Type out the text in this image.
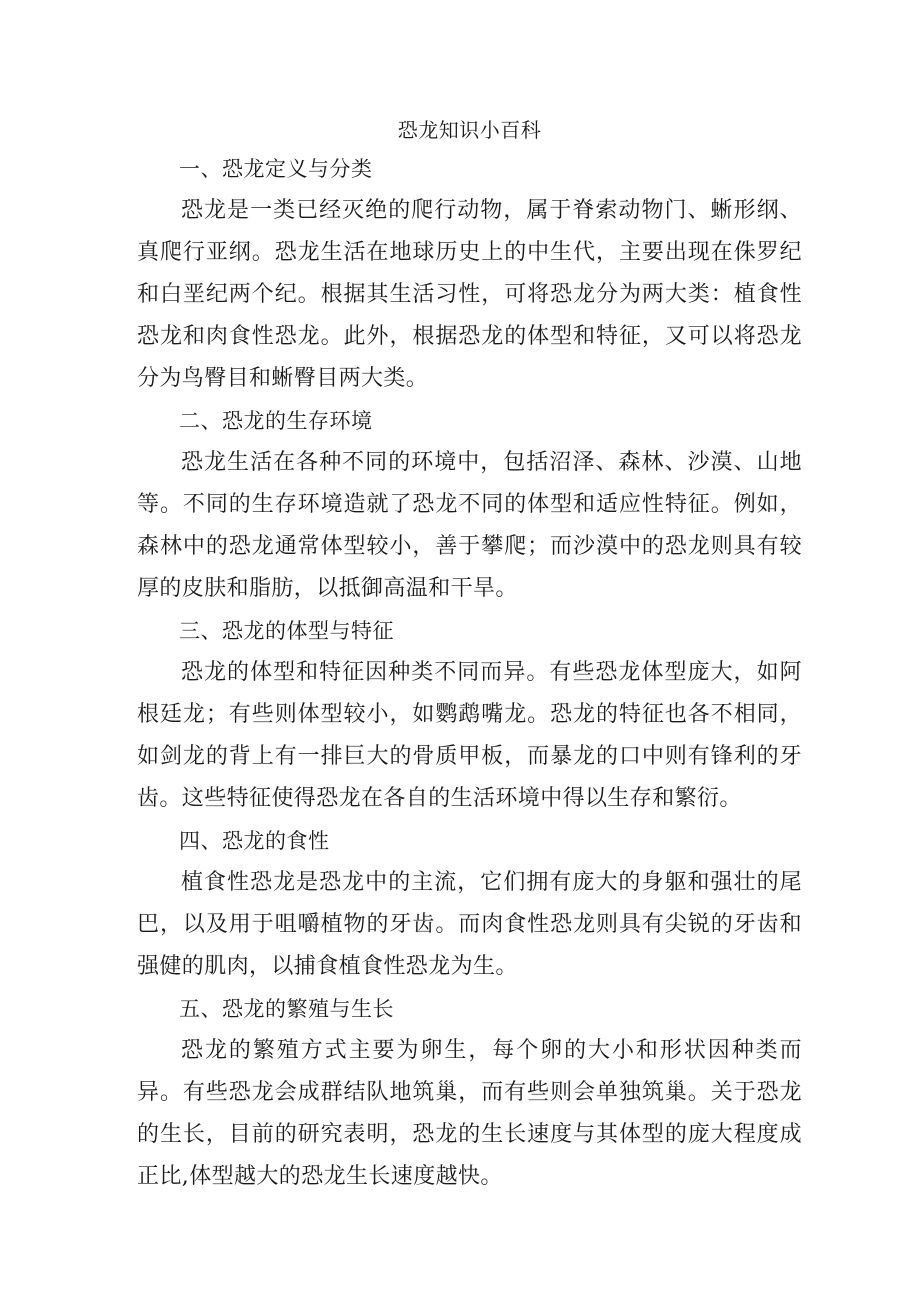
恐龙知识小百科
一、恐龙定义与分类

恐龙是一类已经灭绝的爬行动物，属于脊索动物门、蜥形纲、真爬行亚纲。恐龙生活在地球历史上的中生代，主要出现在侏罗纪和白垩纪两个纪。根据其生活习性，可将恐龙分为两大类：植食性恐龙和肉食性恐龙。此外，根据恐龙的体型和特征，又可以将恐龙分为鸟臀目和蜥臀目两大类。

二、恐龙的生存环境

恐龙生活在各种不同的环境中，包括沼泽、森林、沙漠、山地等。不同的生存环境造就了恐龙不同的体型和适应性特征。例如，森林中的恐龙通常体型较小，善于攀爬；而沙漠中的恐龙则具有较厚的皮肤和脂肪，以抵御高温和干旱。

三、恐龙的体型与特征

恐龙的体型和特征因种类不同而异。有些恐龙体型庞大，如阿根廷龙；有些则体型较小，如鹦鹉嘴龙。恐龙的特征也各不相同，如剑龙的背上有一排巨大的骨质甲板，而暴龙的口中则有锋利的牙齿。这些特征使得恐龙在各自的生活环境中得以生存和繁衍。

四、恐龙的食性

植食性恐龙是恐龙中的主流，它们拥有庞大的身躯和强壮的尾巴，以及用于咀嚼植物的牙齿。而肉食性恐龙则具有尖锐的牙齿和强健的肌肉，以捕食植食性恐龙为生。

五、恐龙的繁殖与生长

恐龙的繁殖方式主要为卵生，每个卵的大小和形状因种类而异。有些恐龙会成群结队地筑巢，而有些则会单独筑巢。关于恐龙的生长，目前的研究表明，恐龙的生长速度与其体型的庞大程度成正比,体型越大的恐龙生长速度越快。
